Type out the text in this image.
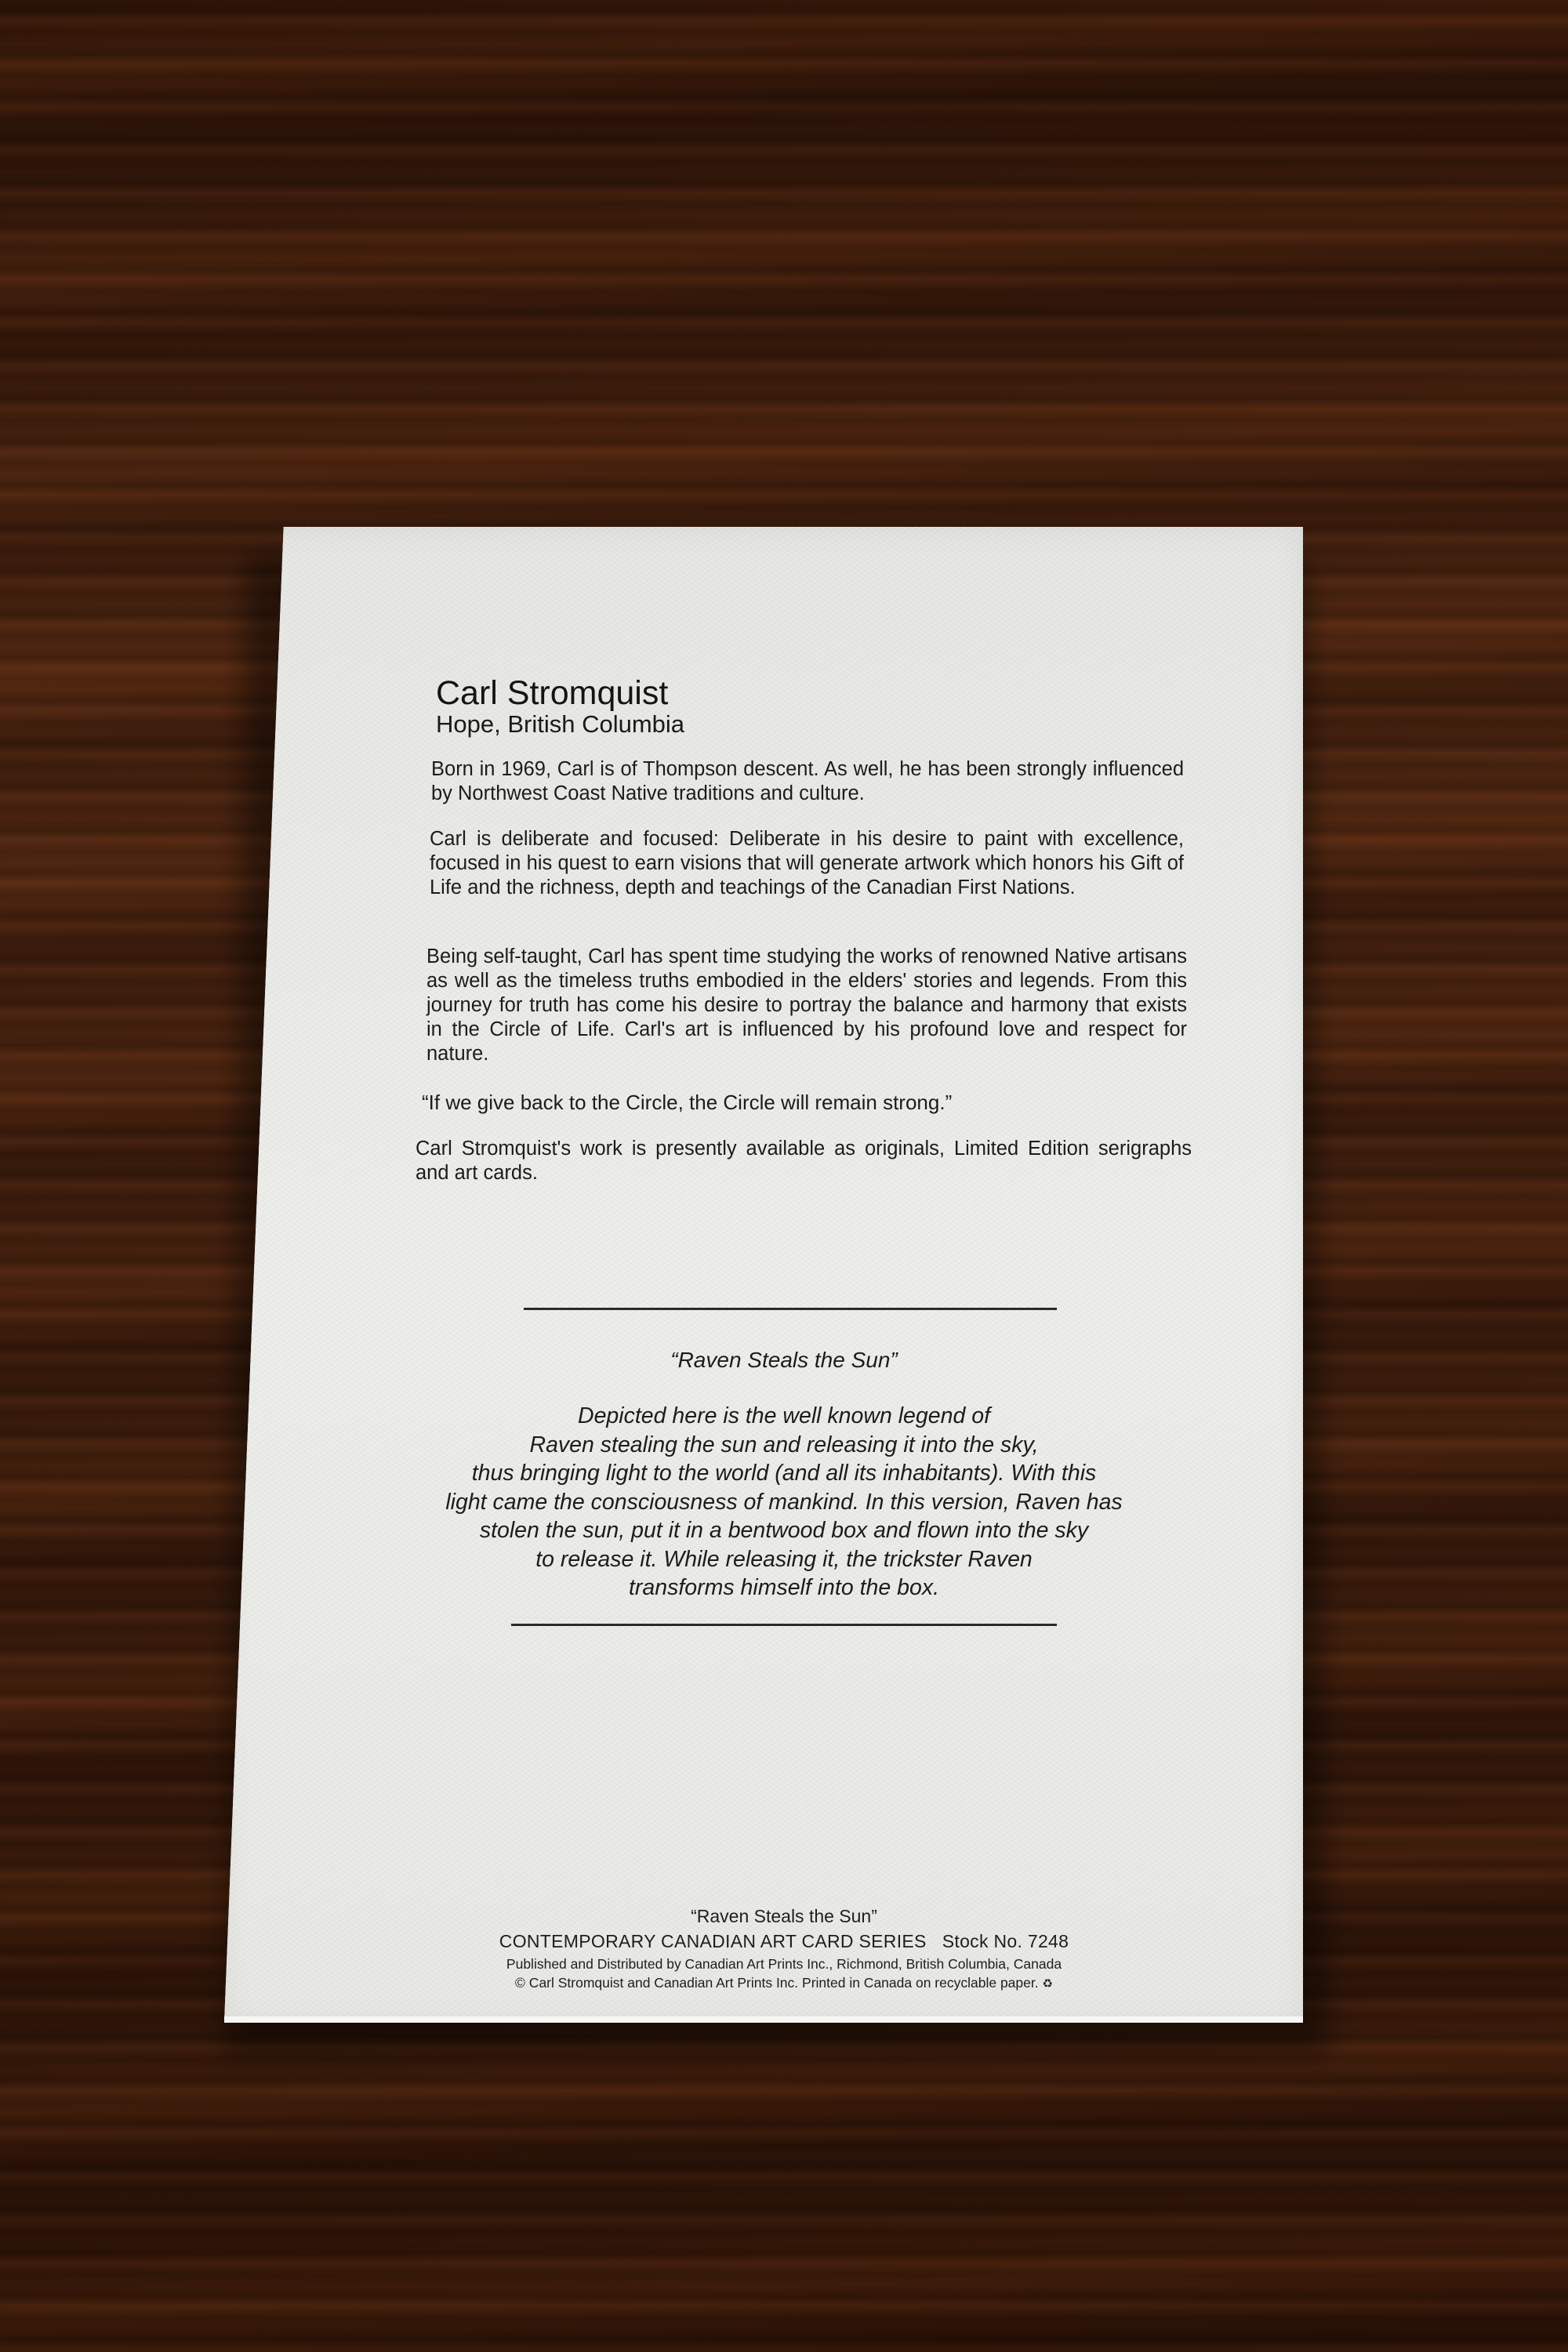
Carl Stromquist
Hope, British Columbia
Born in 1969, Carl is of Thompson descent. As well, he has been strongly influenced by Northwest Coast Native traditions and culture.
Carl is deliberate and focused: Deliberate in his desire to paint with excellence, focused in his quest to earn visions that will generate artwork which honors his Gift of Life and the richness, depth and teachings of the Canadian First Nations.
Being self-taught, Carl has spent time studying the works of renowned Native artisans as well as the timeless truths embodied in the elders' stories and legends. From this journey for truth has come his desire to portray the balance and harmony that exists in the Circle of Life. Carl's art is influenced by his profound love and respect for nature.
“If we give back to the Circle, the Circle will remain strong.”
Carl Stromquist's work is presently available as originals, Limited Edition serigraphs and art cards.
“Raven Steals the Sun”
Depicted here is the well known legend of
Raven stealing the sun and releasing it into the sky,
thus bringing light to the world (and all its inhabitants). With this
light came the consciousness of mankind. In this version, Raven has
stolen the sun, put it in a bentwood box and flown into the sky
to release it. While releasing it, the trickster Raven
transforms himself into the box.
“Raven Steals the Sun”
CONTEMPORARY CANADIAN ART CARD SERIES   Stock No. 7248
Published and Distributed by Canadian Art Prints Inc., Richmond, British Columbia, Canada
© Carl Stromquist and Canadian Art Prints Inc. Printed in Canada on recyclable paper. ♻
